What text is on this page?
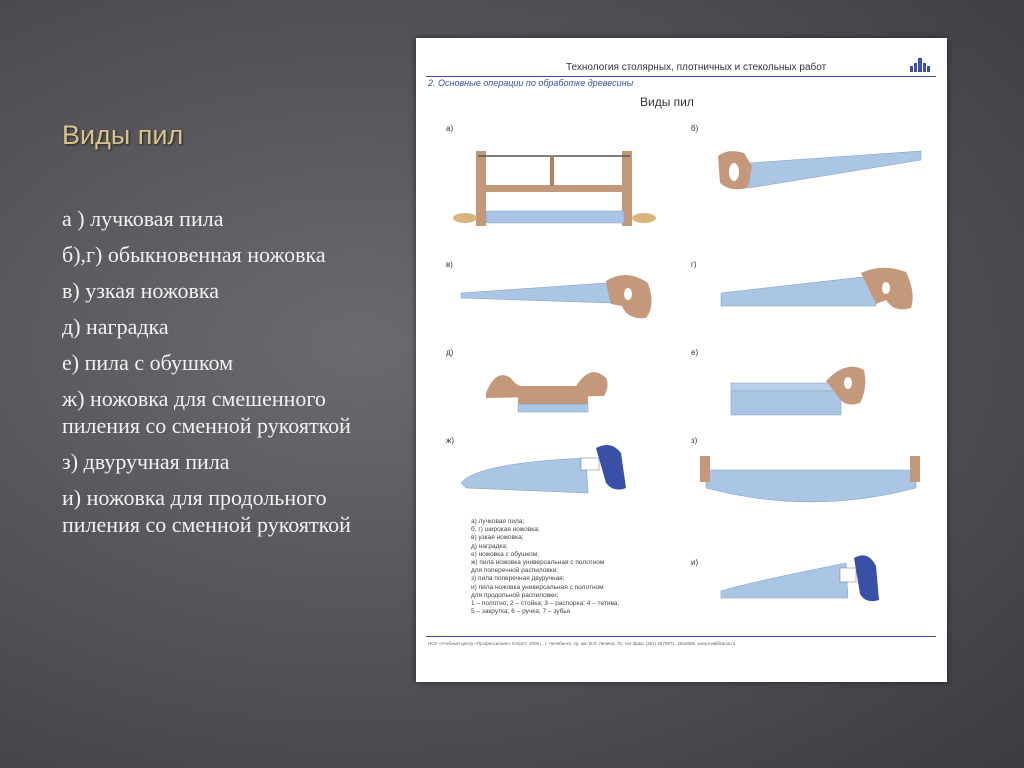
Виды пил
а ) лучковая пила
б),г) обыкновенная ножовка
в) узкая ножовка
д) наградка
е) пила с обушком
ж) ножовка для смешенного пиления со сменной рукояткой
з) двуручная пила
и) ножовка для продольного пиления со сменной рукояткой
Технология столярных, плотничных и стекольных работ
2. Основные операции по обработке древесины
Виды пил
а)	б)
в)	г)
д)	е)
ж)	з)
и)
а) лучковая пила;
б, г) широкая ножовка;
в) узкая ножовка;
д) наградка;
е) ножовка с обушком;
ж) пила ножовка универсальная с полотном
для поперечной распиловки;
з) пила поперечная двуручная;
и) пила ножовка универсальная с полотном
для продольной распиловки;
1 – полотно; 2 – стойка; 3 – распорка; 4 – тетива;
5 – закрутка; 6 – ручка; 7 – зубья
НОУ «Учебный центр «Профессионал» ЮУрГУ, 2008 г., г. Челябинск, пр. им. В.И. Ленина, 76, тел./факс (351) 2670871, 2652909, www.kvalifikacia.ru
